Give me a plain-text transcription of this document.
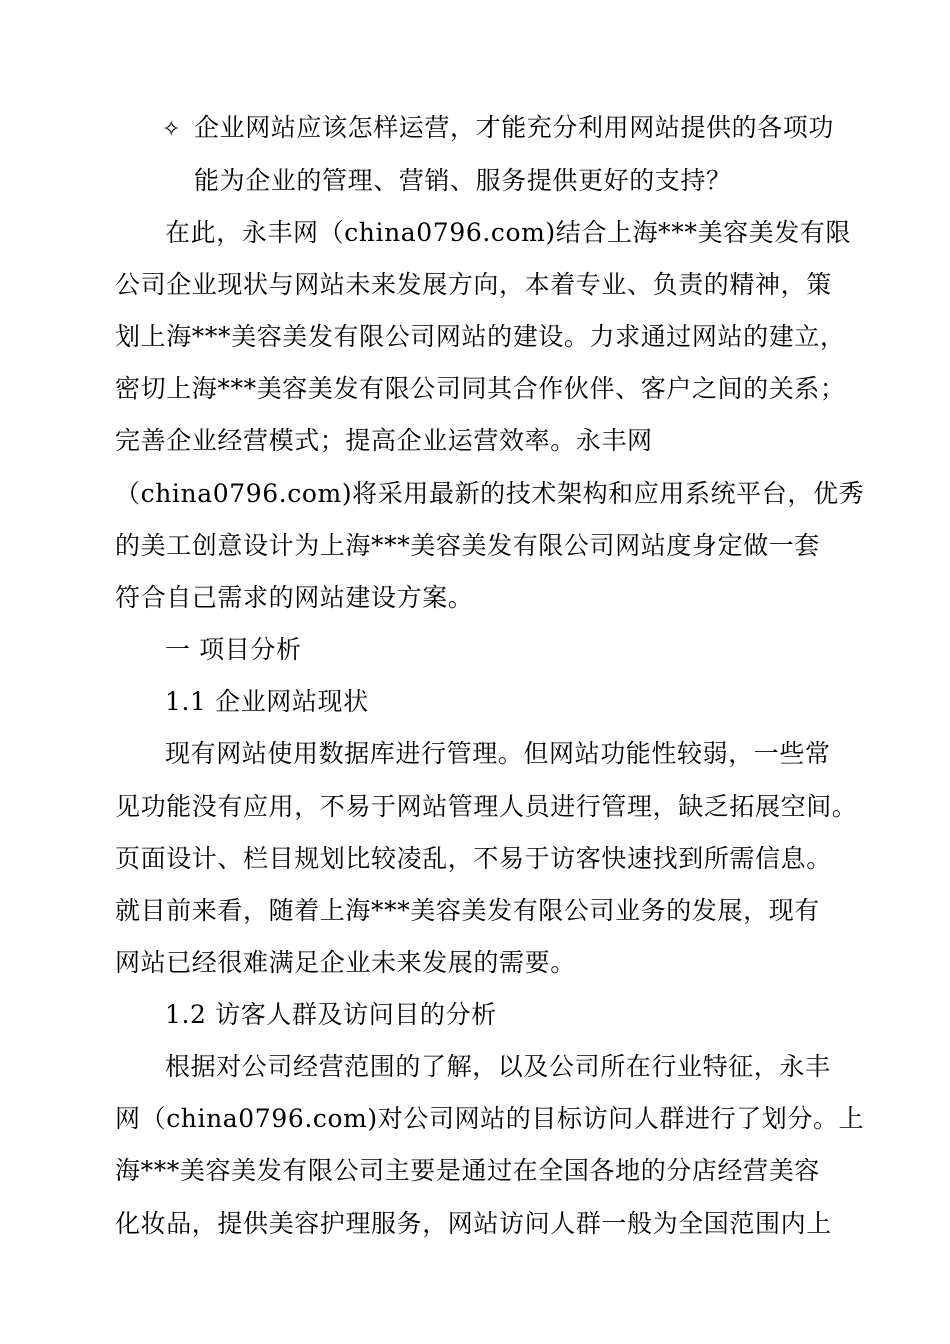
✧ 企业网站应该怎样运营，才能充分利用网站提供的各项功
能为企业的管理、营销、服务提供更好的支持？
在此，永丰网（china0796.com)结合上海***美容美发有限
公司企业现状与网站未来发展方向，本着专业、负责的精神，策
划上海***美容美发有限公司网站的建设。力求通过网站的建立，
密切上海***美容美发有限公司同其合作伙伴、客户之间的关系；
完善企业经营模式；提高企业运营效率。永丰网
（china0796.com)将采用最新的技术架构和应用系统平台，优秀
的美工创意设计为上海***美容美发有限公司网站度身定做一套
符合自己需求的网站建设方案。
一 项目分析
1.1 企业网站现状
现有网站使用数据库进行管理。但网站功能性较弱，一些常
见功能没有应用，不易于网站管理人员进行管理，缺乏拓展空间。
页面设计、栏目规划比较凌乱，不易于访客快速找到所需信息。
就目前来看，随着上海***美容美发有限公司业务的发展，现有
网站已经很难满足企业未来发展的需要。
1.2 访客人群及访问目的分析
根据对公司经营范围的了解，以及公司所在行业特征，永丰
网（china0796.com)对公司网站的目标访问人群进行了划分。上
海***美容美发有限公司主要是通过在全国各地的分店经营美容
化妆品，提供美容护理服务，网站访问人群一般为全国范围内上
